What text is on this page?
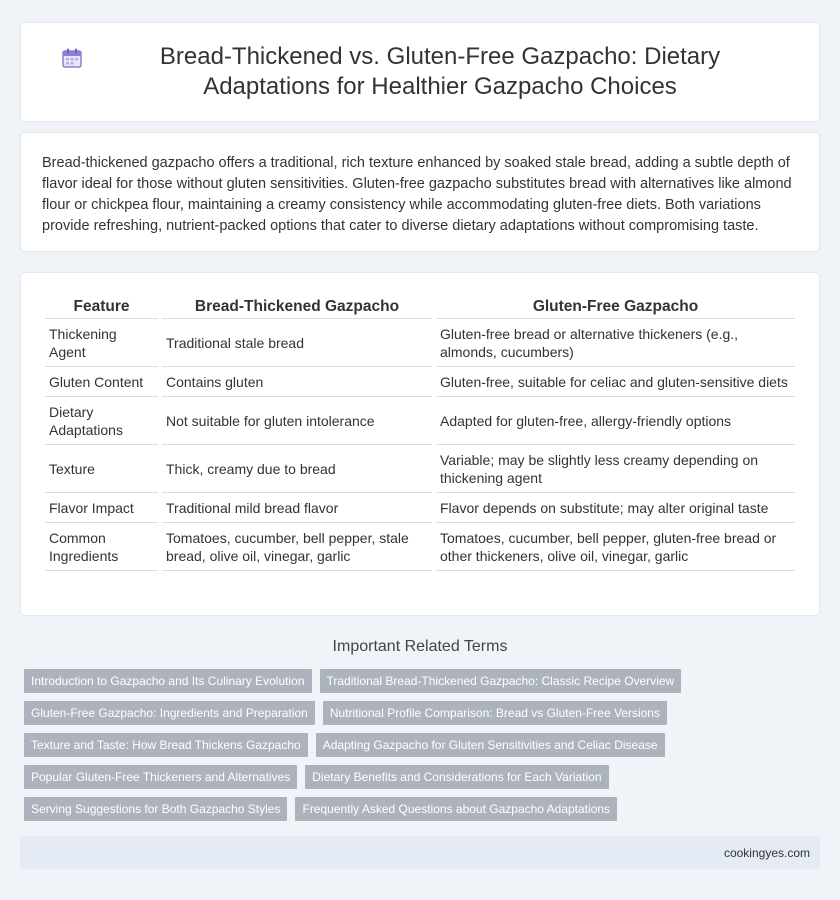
Bread-Thickened vs. Gluten-Free Gazpacho: Dietary Adaptations for Healthier Gazpacho Choices

Bread-thickened gazpacho offers a traditional, rich texture enhanced by soaked stale bread, adding a subtle depth of flavor ideal for those without gluten sensitivities. Gluten-free gazpacho substitutes bread with alternatives like almond flour or chickpea flour, maintaining a creamy consistency while accommodating gluten-free diets. Both variations provide refreshing, nutrient-packed options that cater to diverse dietary adaptations without compromising taste.

Feature	Bread-Thickened Gazpacho	Gluten-Free Gazpacho
Thickening Agent	Traditional stale bread	Gluten-free bread or alternative thickeners (e.g., almonds, cucumbers)
Gluten Content	Contains gluten	Gluten-free, suitable for celiac and gluten-sensitive diets
Dietary Adaptations	Not suitable for gluten intolerance	Adapted for gluten-free, allergy-friendly options
Texture	Thick, creamy due to bread	Variable; may be slightly less creamy depending on thickening agent
Flavor Impact	Traditional mild bread flavor	Flavor depends on substitute; may alter original taste
Common Ingredients	Tomatoes, cucumber, bell pepper, stale bread, olive oil, vinegar, garlic	Tomatoes, cucumber, bell pepper, gluten-free bread or other thickeners, olive oil, vinegar, garlic
Important Related Terms
Introduction to Gazpacho and Its Culinary Evolution	Traditional Bread-Thickened Gazpacho: Classic Recipe Overview
Gluten-Free Gazpacho: Ingredients and Preparation	Nutritional Profile Comparison: Bread vs Gluten-Free Versions
Texture and Taste: How Bread Thickens Gazpacho	Adapting Gazpacho for Gluten Sensitivities and Celiac Disease
Popular Gluten-Free Thickeners and Alternatives	Dietary Benefits and Considerations for Each Variation
Serving Suggestions for Both Gazpacho Styles	Frequently Asked Questions about Gazpacho Adaptations
cookingyes.com
